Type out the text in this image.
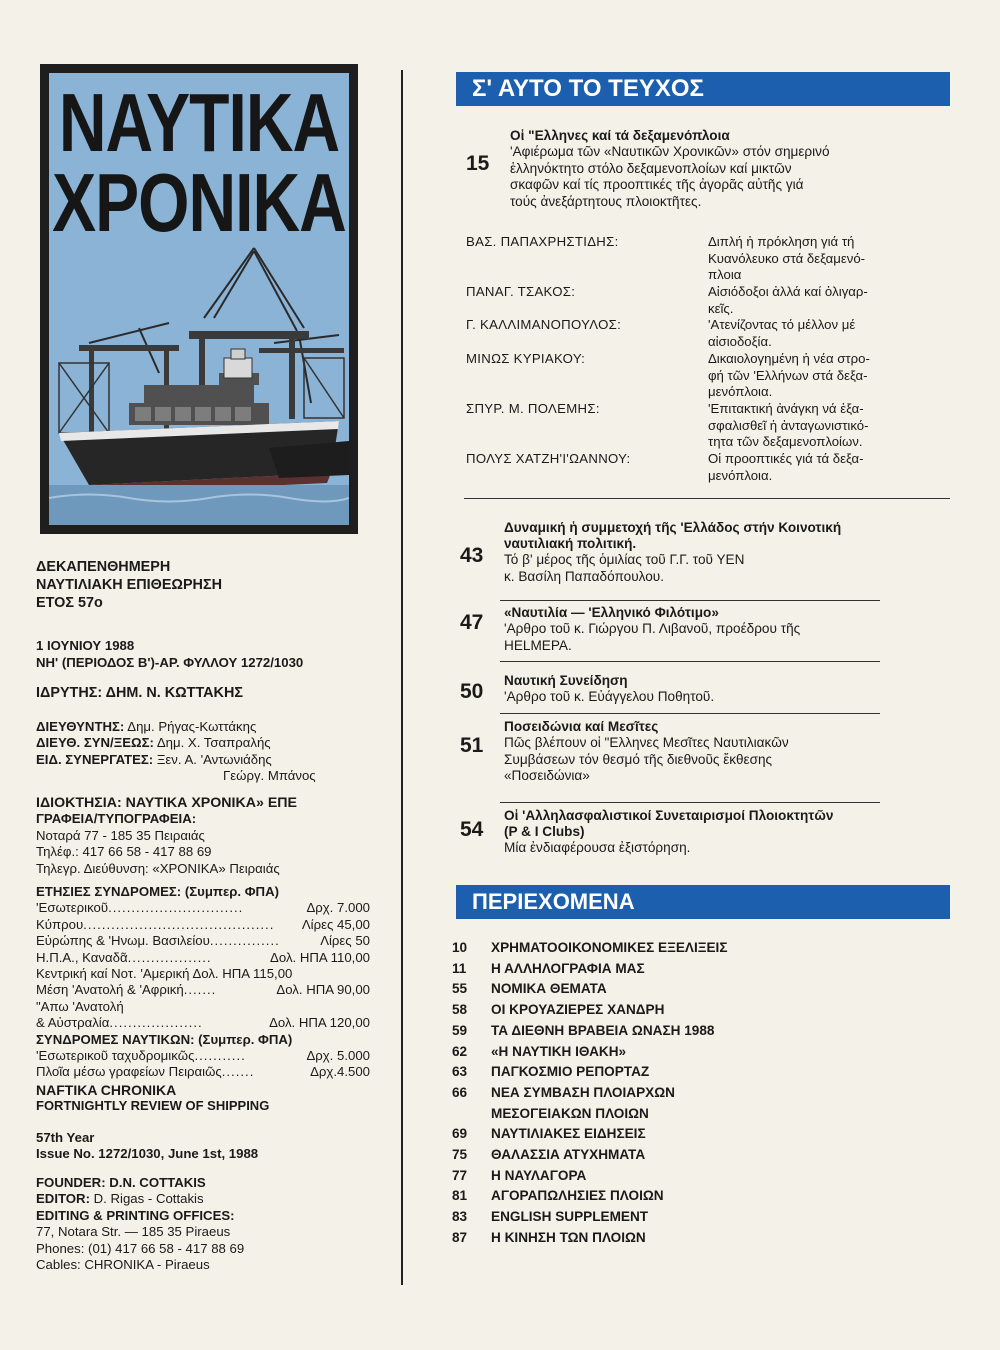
ΝΑΥΤΙΚΑ
ΧΡΟΝΙΚΑ
ΔΕΚΑΠΕΝΘΗΜΕΡΗ
ΝΑΥΤΙΛΙΑΚΗ ΕΠΙΘΕΩΡΗΣΗ
ΕΤΟΣ 57ο
1 ΙΟΥΝΙΟΥ 1988
ΝΗ' (ΠΕΡΙΟΔΟΣ Β')-ΑΡ. ΦΥΛΛΟΥ 1272/1030
ΙΔΡΥΤΗΣ: ΔΗΜ. Ν. ΚΩΤΤΑΚΗΣ
ΔΙΕΥΘΥΝΤΗΣ: Δημ. Ρήγας-Κωττάκης
ΔΙΕΥΘ. ΣΥΝ/ΞΕΩΣ: Δημ. Χ. Τσαπραλής
ΕΙΔ. ΣΥΝΕΡΓΑΤΕΣ: Ξεν. Α. 'Αντωνιάδης
Γεώργ. Μπάνος
ΙΔΙΟΚΤΗΣΙΑ: ΝΑΥΤΙΚΑ ΧΡΟΝΙΚΑ» ΕΠΕ
ΓΡΑΦΕΙΑ/ΤΥΠΟΓΡΑΦΕΙΑ:
Νοταρά 77 - 185 35 Πειραιάς
Τηλέφ.: 417 66 58 - 417 88 69
Τηλεγρ. Διεύθυνση: «ΧΡΟΝΙΚΑ» Πειραιάς
ΕΤΗΣΙΕΣ ΣΥΝΔΡΟΜΕΣ: (Συμπερ. ΦΠΑ)
'Εσωτερικοῦ .............................	Δρχ. 7.000
Κύπρου .........................................	Λίρες 45,00
Εὐρώπης & 'Ηνωμ. Βασιλείου ...............	Λίρες 50
Η.Π.Α., Καναδᾶ ..................	Δολ. ΗΠΑ 110,00
Κεντρική καί Νοτ. 'Αμερική Δολ. ΗΠΑ 115,00
Μέση 'Ανατολή & 'Αφρική .......	Δολ. ΗΠΑ 90,00
"Απω 'Ανατολή
& Αὐστραλία ....................	Δολ. ΗΠΑ 120,00
ΣΥΝΔΡΟΜΕΣ ΝΑΥΤΙΚΩΝ: (Συμπερ. ΦΠΑ)
'Εσωτερικοῦ ταχυδρομικῶς ...........	Δρχ. 5.000
Πλοῖα μέσω γραφείων Πειραιῶς .......	Δρχ.4.500
NAFTIKA CHRONIKA
FORTNIGHTLY REVIEW OF SHIPPING
57th Year
Issue No. 1272/1030, June 1st, 1988
FOUNDER: D.N. COTTAKIS
EDITOR: D. Rigas - Cottakis
EDITING & PRINTING OFFICES:
77, Notara Str. — 185 35 Piraeus
Phones: (01) 417 66 58 - 417 88 69
Cables: CHRONIKA - Piraeus
Σ' ΑΥΤΟ ΤΟ ΤΕΥΧΟΣ
15
Οἱ "Ελληνες καί τά δεξαμενόπλοια
'Αφιέρωμα τῶν «Ναυτικῶν Χρονικῶν» στόν σημερινό
ἑλληνόκτητο στόλο δεξαμενοπλοίων καί μικτῶν
σκαφῶν καί τίς προοπτικές τῆς ἀγορᾶς αὐτῆς γιά
τούς ἀνεξάρτητους πλοιοκτῆτες.
ΒΑΣ. ΠΑΠΑΧΡΗΣΤΙΔΗΣ:	Διπλή ἡ πρόκληση γιά τή
Κυανόλευκο στά δεξαμενό-
πλοια
ΠΑΝΑΓ. ΤΣΑΚΟΣ:	Αἰσιόδοξοι ἀλλά καί ὀλιγαρ-
κεῖς.
Γ. ΚΑΛΛΙΜΑΝΟΠΟΥΛΟΣ:	'Ατενίζοντας τό μέλλον μέ
αἰσιοδοξία.
ΜΙΝΩΣ ΚΥΡΙΑΚΟΥ:	Δικαιολογημένη ἡ νέα στρο-
φή τῶν 'Ελλήνων στά δεξα-
μενόπλοια.
ΣΠΥΡ. Μ. ΠΟΛΕΜΗΣ:	'Επιτακτική ἀνάγκη νά ἐξα-
σφαλισθεῖ ἡ ἀνταγωνιστικό-
τητα τῶν δεξαμενοπλοίων.
ΠΟΛΥΣ ΧΑΤΖΗ'Ι'ΩΑΝΝΟΥ:	Οἱ προοπτικές γιά τά δεξα-
μενόπλοια.
43
Δυναμική ἡ συμμετοχή τῆς 'Ελλάδος στήν Κοινοτική
ναυτιλιακή πολιτική.
Τό β' μέρος τῆς ὁμιλίας τοῦ Γ.Γ. τοῦ ΥΕΝ
κ. Βασίλη Παπαδόπουλου.
47 «Ναυτιλία — 'Ελληνικό Φιλότιμο»
'Αρθρο τοῦ κ. Γιώργου Π. Λιβανοῦ, προέδρου τῆς
HELMEPA.
50 Ναυτική Συνείδηση
'Αρθρο τοῦ κ. Εὐάγγελου Ποθητοῦ.
51
Ποσειδώνια καί Μεσῖτες
Πῶς βλέπουν οἱ "Ελληνες Μεσῖτες Ναυτιλιακῶν
Συμβάσεων τόν θεσμό τῆς διεθνοῦς ἔκθεσης
«Ποσειδώνια»
54
Οἱ 'Αλληλασφαλιστικοί Συνεταιρισμοί Πλοιοκτητῶν
(P & I Clubs)
Μία ἐνδιαφέρουσα ἐξιστόρηση.
ΠΕΡΙΕΧΟΜΕΝΑ
10	ΧΡΗΜΑΤΟΟΙΚΟΝΟΜΙΚΕΣ ΕΞΕΛΙΞΕΙΣ
11	Η ΑΛΛΗΛΟΓΡΑΦΙΑ ΜΑΣ
55	ΝΟΜΙΚΑ ΘΕΜΑΤΑ
58	ΟΙ ΚΡΟΥΑΖΙΕΡΕΣ ΧΑΝΔΡΗ
59	ΤΑ ΔΙΕΘΝΗ ΒΡΑΒΕΙΑ ΩΝΑΣΗ 1988
62	«Η ΝΑΥΤΙΚΗ ΙΘΑΚΗ»
63	ΠΑΓΚΟΣΜΙΟ ΡΕΠΟΡΤΑΖ
66	ΝΕΑ ΣΥΜΒΑΣΗ ΠΛΟΙΑΡΧΩΝ
ΜΕΣΟΓΕΙΑΚΩΝ ΠΛΟΙΩΝ
69	ΝΑΥΤΙΛΙΑΚΕΣ ΕΙΔΗΣΕΙΣ
75	ΘΑΛΑΣΣΙΑ ΑΤΥΧΗΜΑΤΑ
77	Η ΝΑΥΛΑΓΟΡΑ
81	ΑΓΟΡΑΠΩΛΗΣΙΕΣ ΠΛΟΙΩΝ
83	ENGLISH SUPPLEMENT
87	Η ΚΙΝΗΣΗ ΤΩΝ ΠΛΟΙΩΝ
